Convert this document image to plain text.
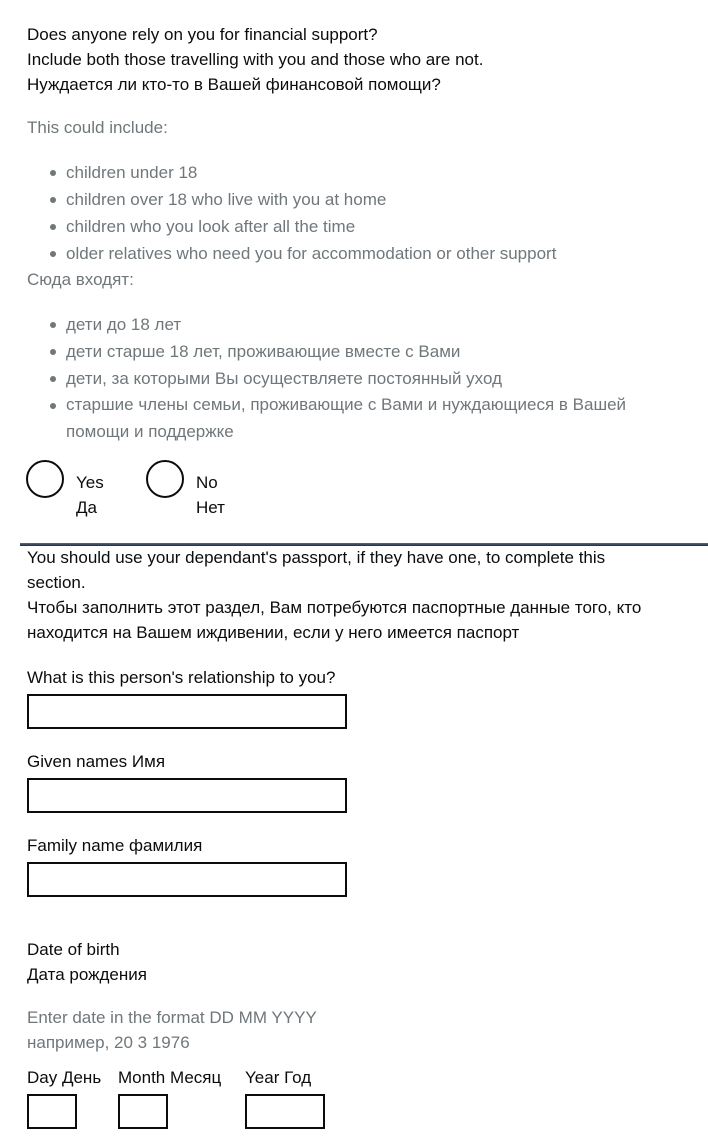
Does anyone rely on you for financial support?
Include both those travelling with you and those who are not.
Нуждается ли кто-то в Вашей финансовой помощи?
This could include:
children under 18
children over 18 who live with you at home
children who you look after all the time
older relatives who need you for accommodation or other support
Сюда входят:
дети до 18 лет
дети старше 18 лет, проживающие вместе с Вами
дети, за которыми Вы осуществляете постоянный уход
старшие члены семьи, проживающие с Вами и нуждающиеся в Вашей
помощи и поддержке
Yes
Да
No
Нет
You should use your dependant's passport, if they have one, to complete this
section.
Чтобы заполнить этот раздел, Вам потребуются паспортные данные того, кто
находится на Вашем иждивении, если у него имеется паспорт
What is this person's relationship to you?
Given names Имя
Family name фамилия
Date of birth
Дата рождения
Enter date in the format DD MM YYYY
например, 20 3 1976
Day День Month Месяц Year Год
